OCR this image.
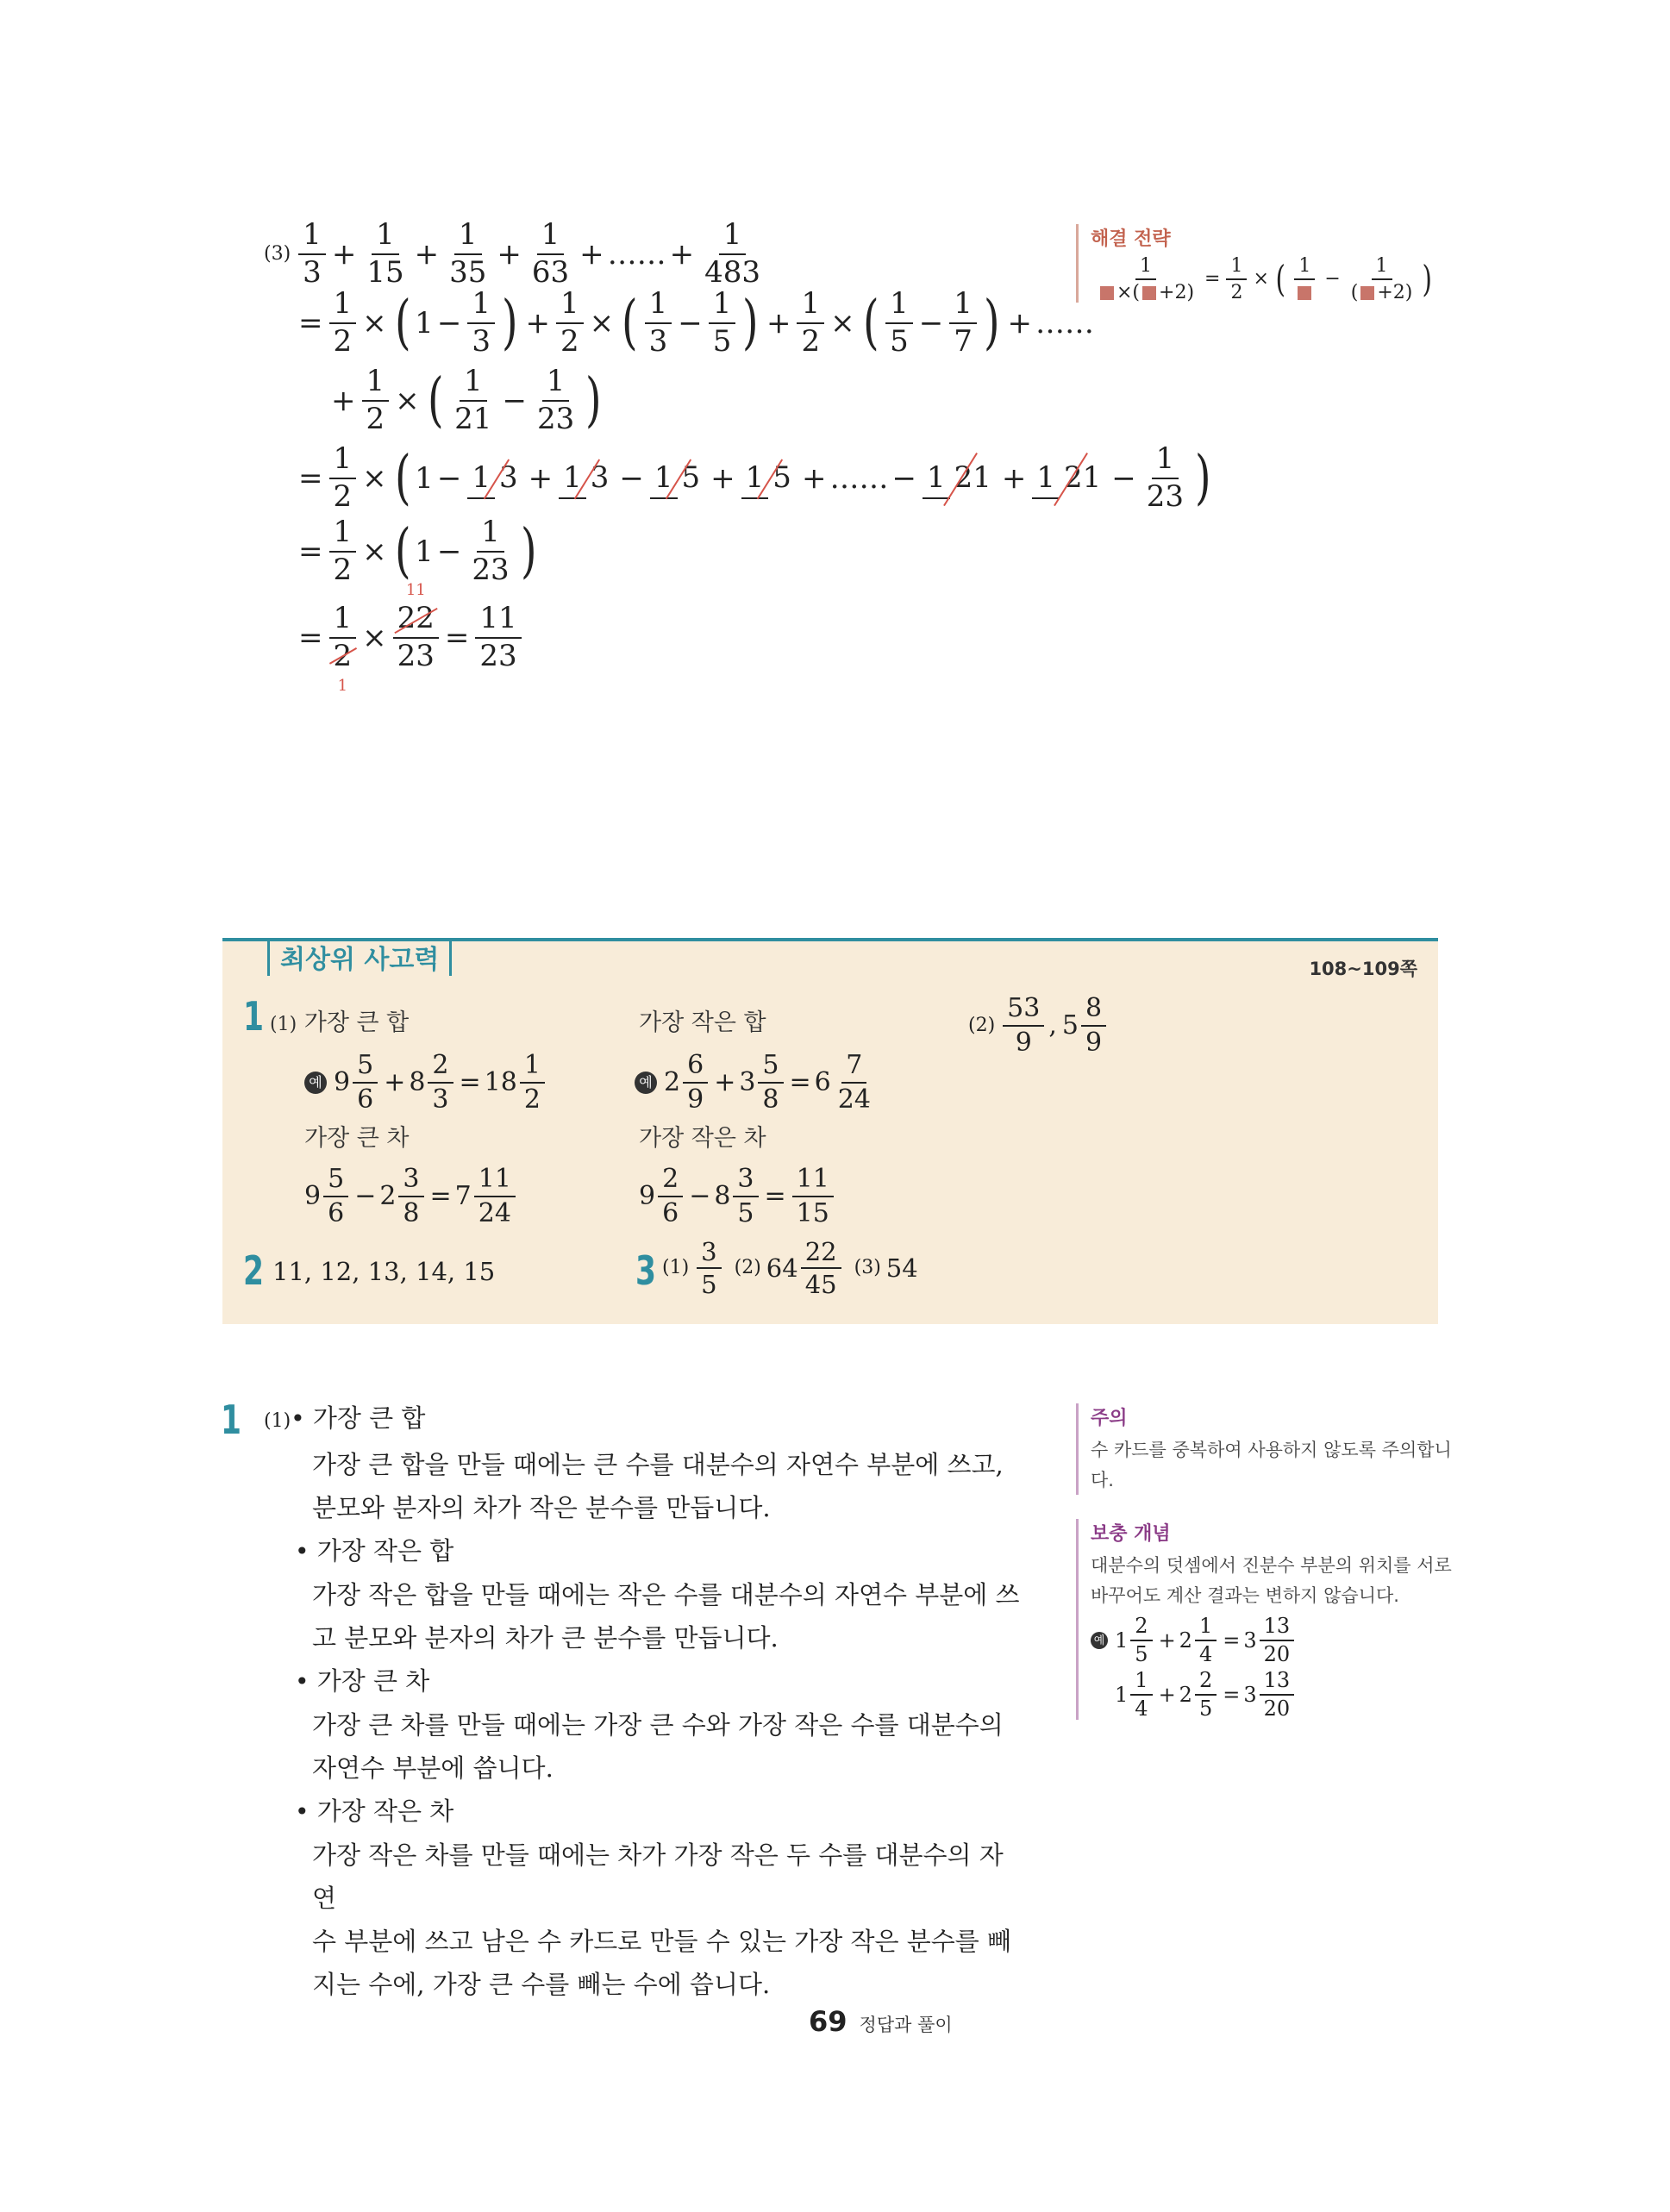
$(3) \frac{1}{3} + \frac{1}{15} + \frac{1}{35} + \frac{1}{63}$ + …… + $\frac{1}{483}$
= $\frac{1}{2}$ × ( $1 - \frac{1}{3}$ ) + $\frac{1}{2}$ × ( $\frac{1}{3} - \frac{1}{5}$ ) + $\frac{1}{2}$ × ( $\frac{1}{5} - \frac{1}{7}$ ) + ……
+ $\frac{1}{2}$ × ( $\frac{1}{21} - \frac{1}{23}$ )
= $\frac{1}{2}$ × ( 1 − 1 3 + 1 3 − 1 5 + 1 5 + …… − 1 21 + 1 $21 - \frac{1}{23}$ )
= $\frac{1}{2}$ × ( $1 - \frac{1}{23}$ )
=
1
2
1
×
22
23
11
= $\frac{11}{23}$
해결 전략
$\frac{1}{\times( +2)} = \frac{1}{2}$ × ( 1
− $\frac{1}{( +2)}$ )
최상위 사고력	108~109쪽
1 (1) 가장 큰 합	가장 작은 합
예 $9 \frac{5}{6} + 8 \frac{2}{3} = 18 \frac{1}{2}$	예 $2 \frac{6}{9} + 3 \frac{5}{8} = 6 \frac{7}{24}$
가장 큰 차	가장 작은 차
$9 \frac{5}{6} - 2 \frac{3}{8} = 7 \frac{11}{24}$	$9 \frac{2}{6} - 8 \frac{3}{5} = \frac{11}{15}$
$(2) \frac{53}{9}$ , $5 \frac{8}{9}$
2 11, 12, 13, 14, 15	3 $(1) \frac{3}{5} (2)$ $64 \frac{22}{45} (3)$ 54
1 (1)• 가장 큰 합
가장 큰 합을 만들 때에는 큰 수를 대분수의 자연수 부분에 쓰고,
분모와 분자의 차가 작은 분수를 만듭니다.
• 가장 작은 합
가장 작은 합을 만들 때에는 작은 수를 대분수의 자연수 부분에 쓰
고 분모와 분자의 차가 큰 분수를 만듭니다.
• 가장 큰 차
가장 큰 차를 만들 때에는 가장 큰 수와 가장 작은 수를 대분수의
자연수 부분에 씁니다.
• 가장 작은 차
가장 작은 차를 만들 때에는 차가 가장 작은 두 수를 대분수의 자연
수 부분에 쓰고 남은 수 카드로 만들 수 있는 가장 작은 분수를 빼
지는 수에, 가장 큰 수를 빼는 수에 씁니다.
주의
수 카드를 중복하여 사용하지 않도록 주의합니다.
보충 개념
대분수의 덧셈에서 진분수 부분의 위치를 서로 바꾸어도 계산 결과는 변하지 않습니다.
예 $1 \frac{2}{5} + 2 \frac{1}{4} = 3 \frac{13}{20}$
$1 \frac{1}{4} + 2 \frac{2}{5} = 3 \frac{13}{20}$
69 정답과 풀이
